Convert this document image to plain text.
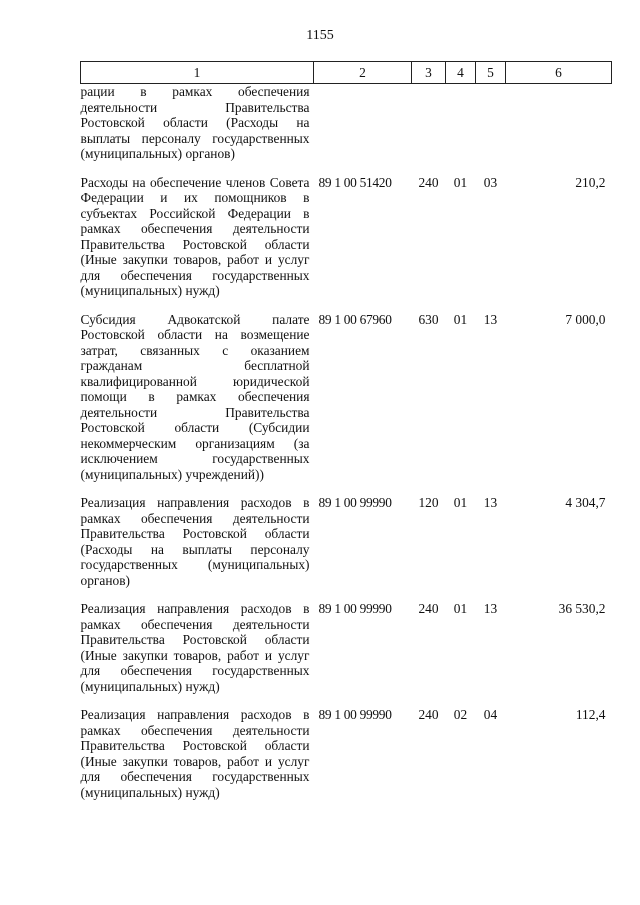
1155
1	2	3	4	5	6
рации в рамках обеспечения деятельности Правительства Ростовской области (Расходы на выплаты персоналу государственных (муниципальных) органов)					
Расходы на обеспечение членов Совета Федерации и их помощников в субъектах Российской Федерации в рамках обеспечения деятельности Правительства Ростовской области (Иные закупки товаров, работ и услуг для обеспечения государственных (муниципальных) нужд)	89 1 00 51420	240	01	03	210,2
Субсидия Адвокатской палате Ростовской области на возмещение затрат, связанных с оказанием гражданам бесплатной квалифицированной юридической помощи в рамках обеспечения деятельности Правительства Ростовской области (Субсидии некоммерческим организациям (за исключением государственных (муниципальных) учреждений))	89 1 00 67960	630	01	13	7 000,0
Реализация направления расходов в рамках обеспечения деятельности Правительства Ростовской области (Расходы на выплаты персоналу государственных (муниципальных) органов)	89 1 00 99990	120	01	13	4 304,7
Реализация направления расходов в рамках обеспечения деятельности Правительства Ростовской области (Иные закупки товаров, работ и услуг для обеспечения государственных (муниципальных) нужд)	89 1 00 99990	240	01	13	36 530,2
Реализация направления расходов в рамках обеспечения деятельности Правительства Ростовской области (Иные закупки товаров, работ и услуг для обеспечения государственных (муниципальных) нужд)	89 1 00 99990	240	02	04	112,4
